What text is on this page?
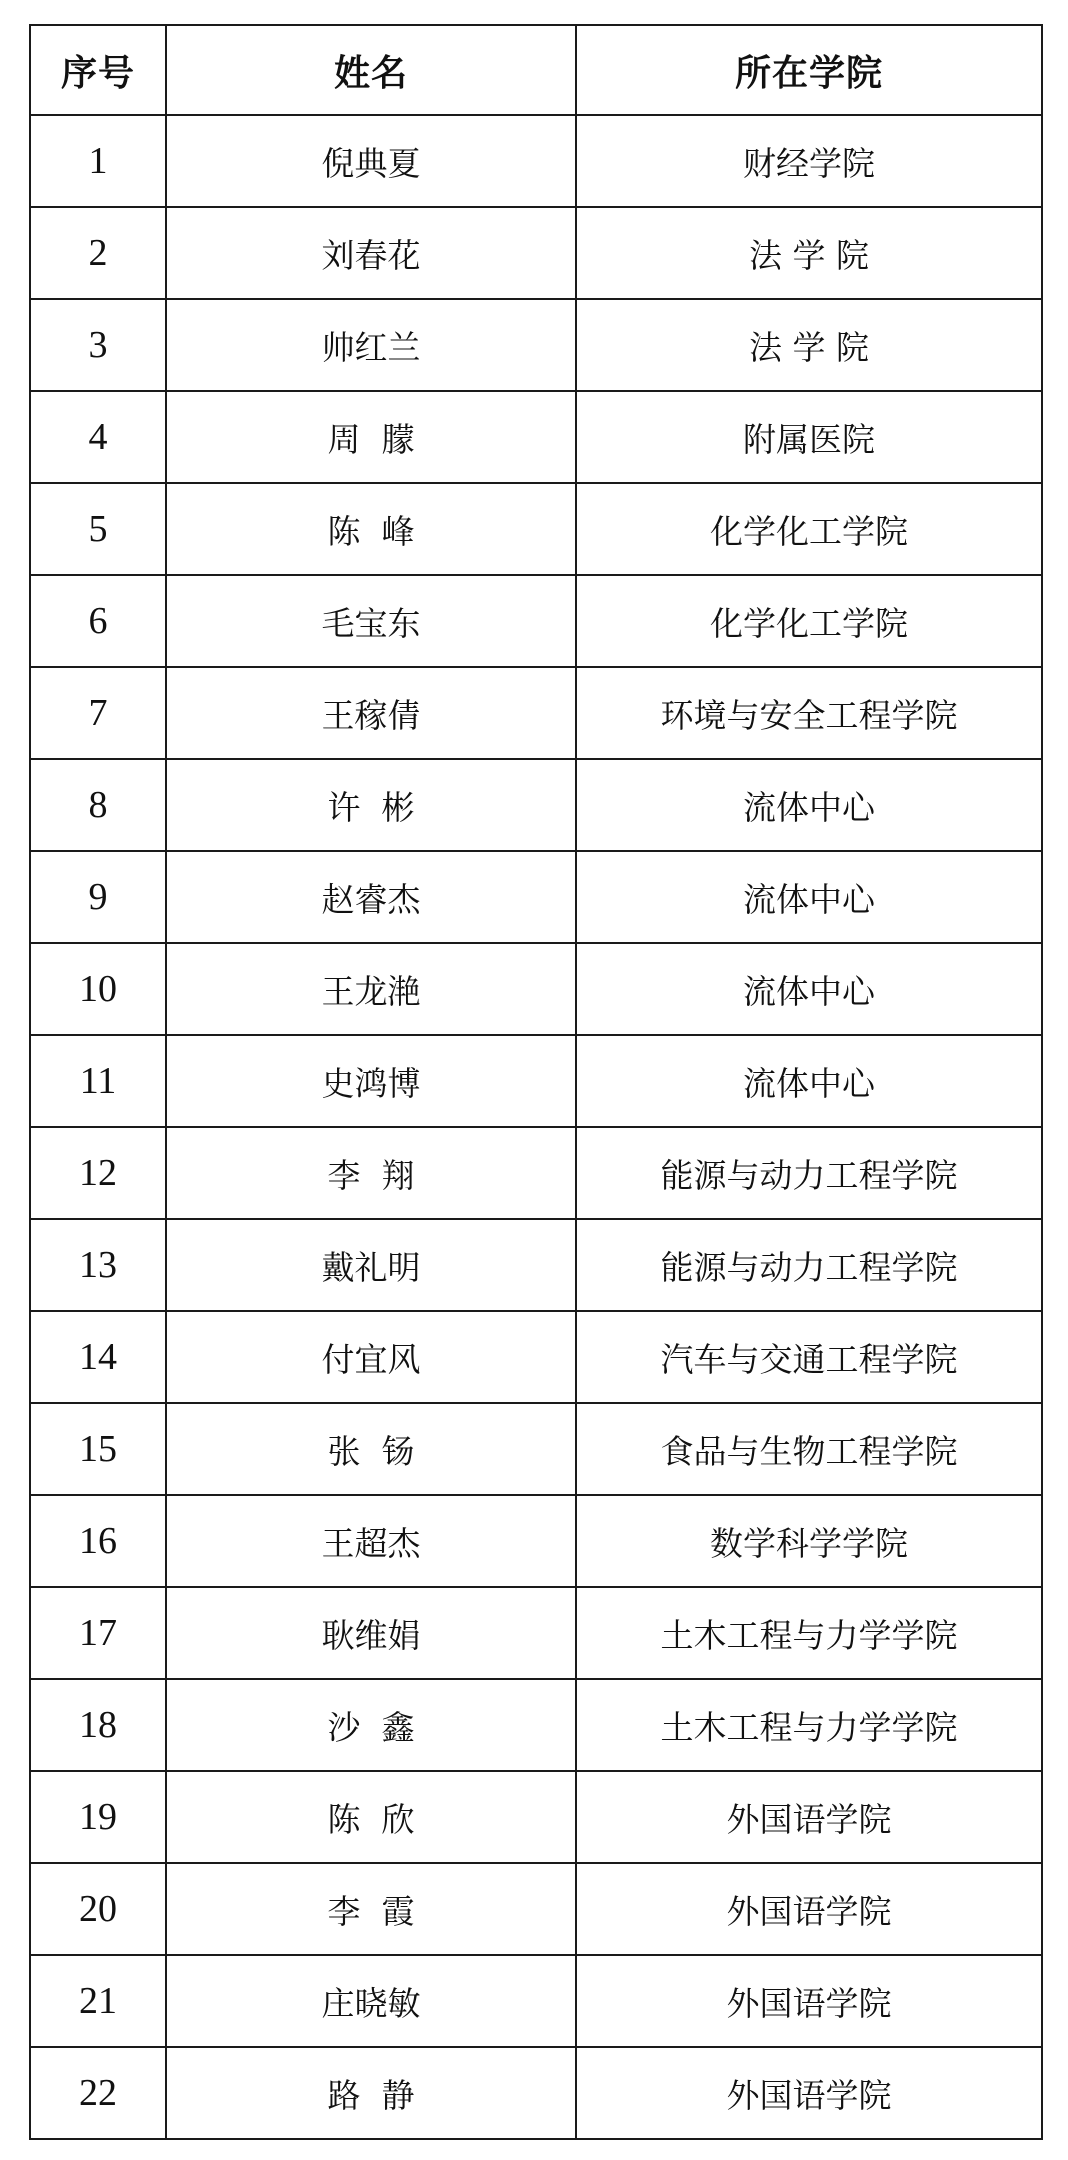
序号	姓名	所在学院
1	倪典夏	财经学院
2	刘春花	法 学 院
3	帅红兰	法 学 院
4	周  朦	附属医院
5	陈  峰	化学化工学院
6	毛宝东	化学化工学院
7	王稼倩	环境与安全工程学院
8	许  彬	流体中心
9	赵睿杰	流体中心
10	王龙滟	流体中心
11	史鸿博	流体中心
12	李  翔	能源与动力工程学院
13	戴礼明	能源与动力工程学院
14	付宜风	汽车与交通工程学院
15	张  钖	食品与生物工程学院
16	王超杰	数学科学学院
17	耿维娟	土木工程与力学学院
18	沙  鑫	土木工程与力学学院
19	陈  欣	外国语学院
20	李  霞	外国语学院
21	庄晓敏	外国语学院
22	路  静	外国语学院
